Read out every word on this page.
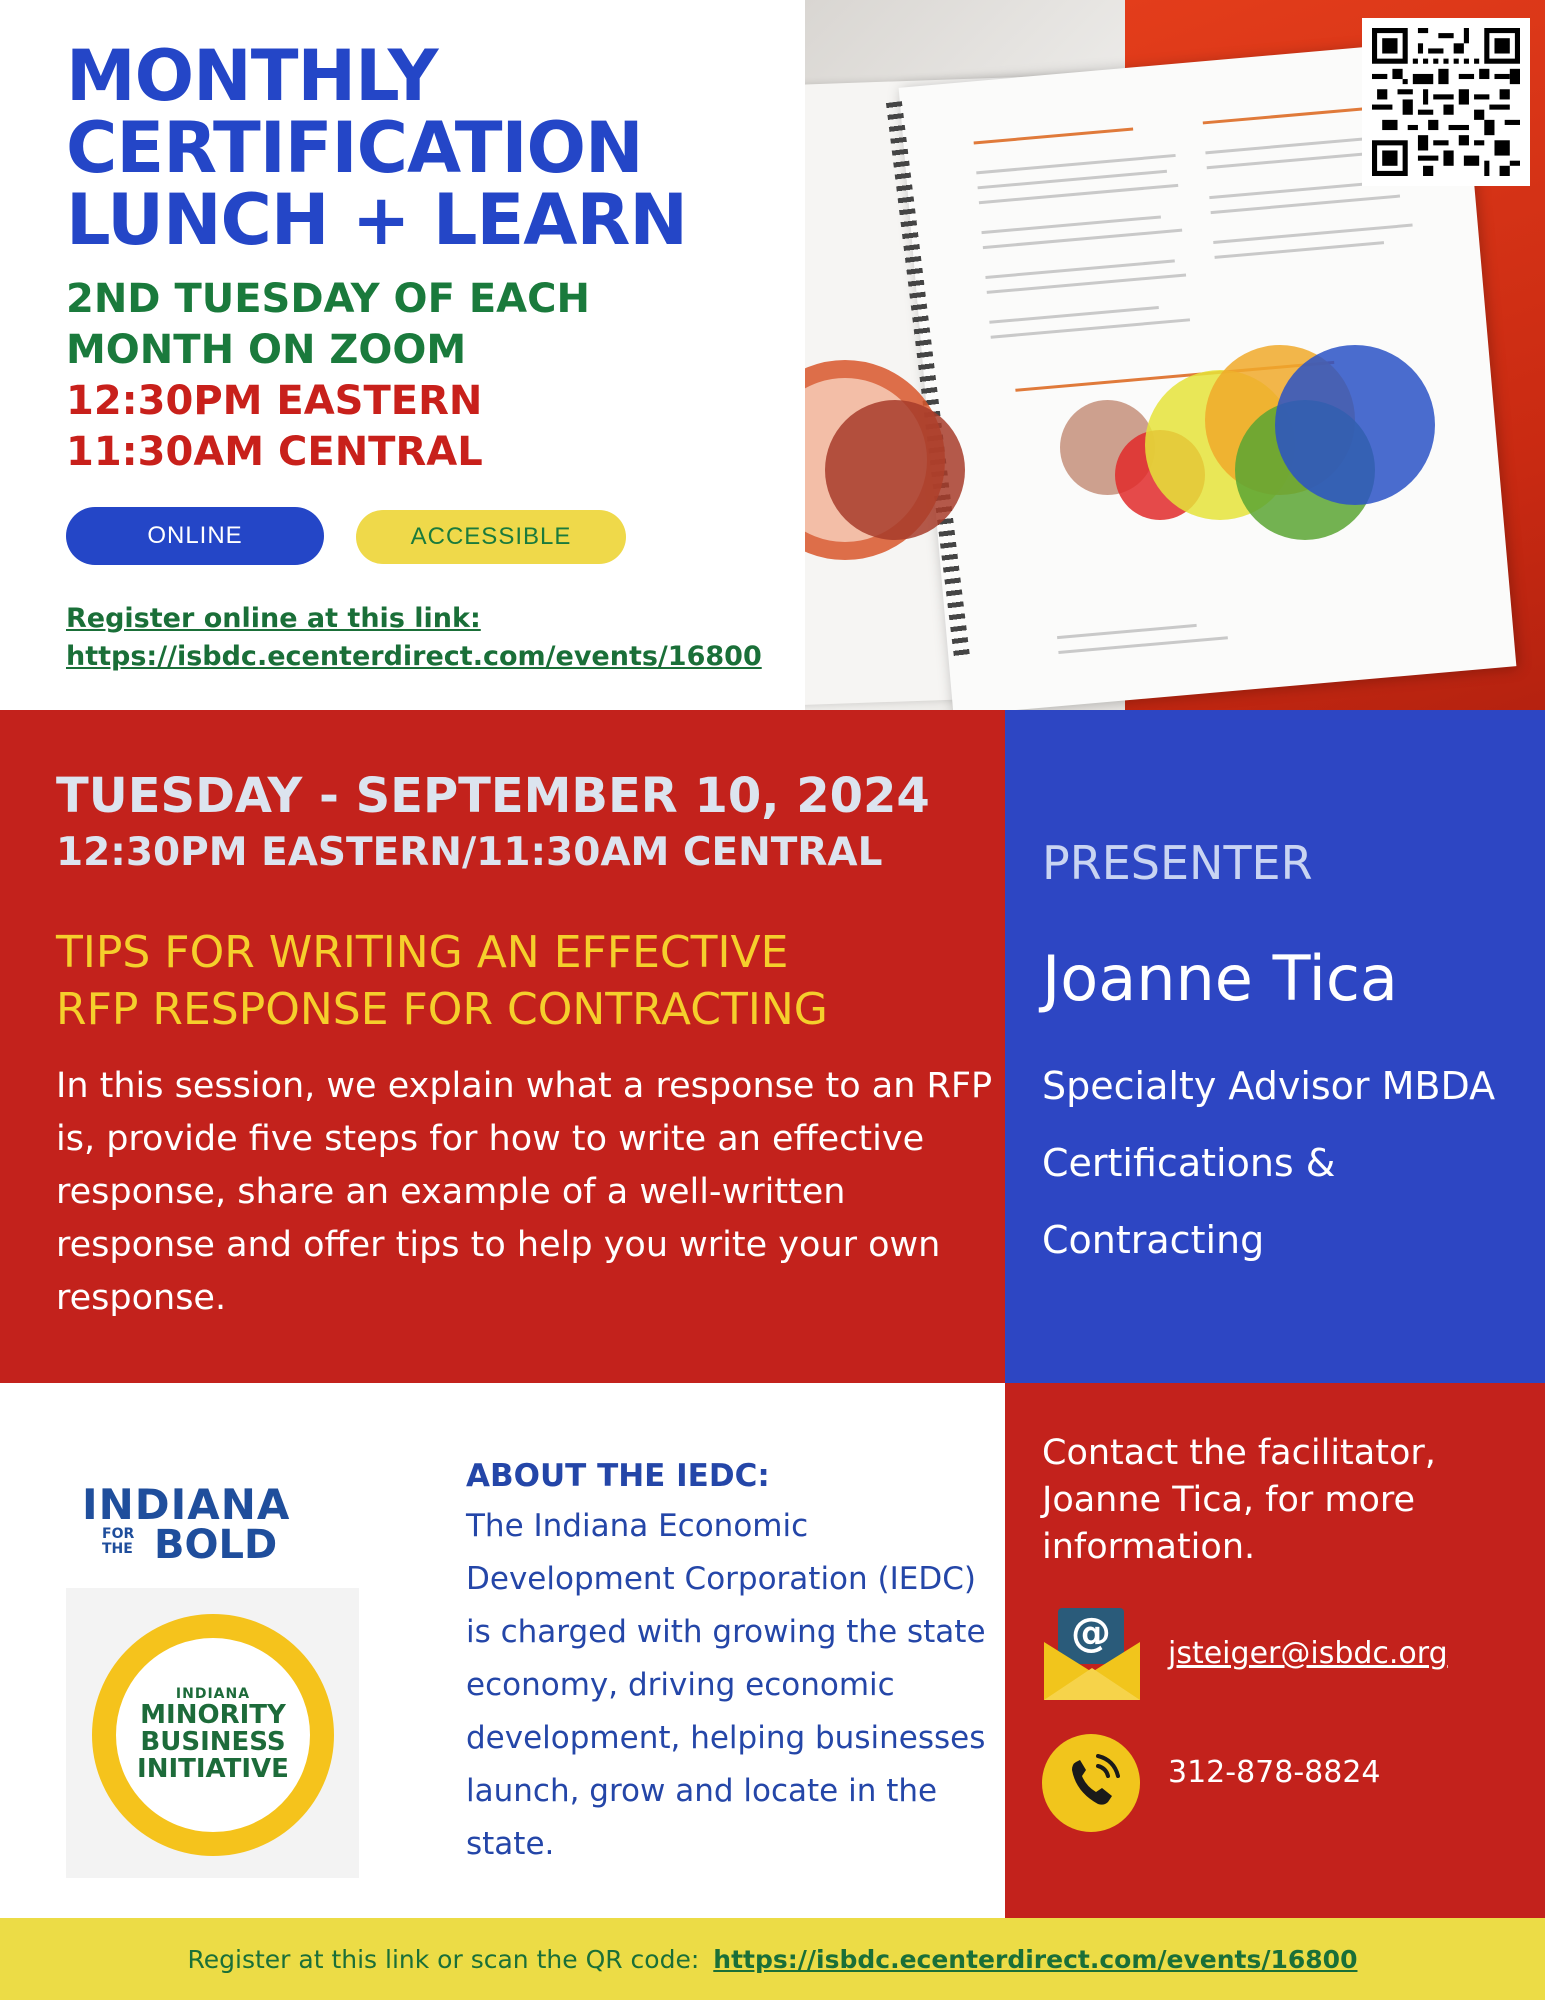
MONTHLY
CERTIFICATION
LUNCH + LEARN
2ND TUESDAY OF EACH
MONTH ON ZOOM
12:30PM EASTERN
11:30AM CENTRAL
ONLINE	ACCESSIBLE
Register online at this link:
https://isbdc.ecenterdirect.com/events/16800
TUESDAY - SEPTEMBER 10, 2024
12:30PM EASTERN/11:30AM CENTRAL
TIPS FOR WRITING AN EFFECTIVE
RFP RESPONSE FOR CONTRACTING
In this session, we explain what a response to an RFP is, provide five steps for how to write an effective response, share an example of a well-written response and offer tips to help you write your own response.
PRESENTER
Joanne Tica
Specialty Advisor MBDA Certifications & Contracting
INDIANA
FOR
THE BOLD
INDIANA
MINORITY
BUSINESS
INITIATIVE
ABOUT THE IEDC:
The Indiana Economic Development Corporation (IEDC) is charged with growing the state economy, driving economic development, helping businesses launch, grow and locate in the state.
Contact the facilitator, Joanne Tica, for more information.
@ jsteiger@isbdc.org
312-878-8824
Register at this link or scan the QR code: https://isbdc.ecenterdirect.com/events/16800
